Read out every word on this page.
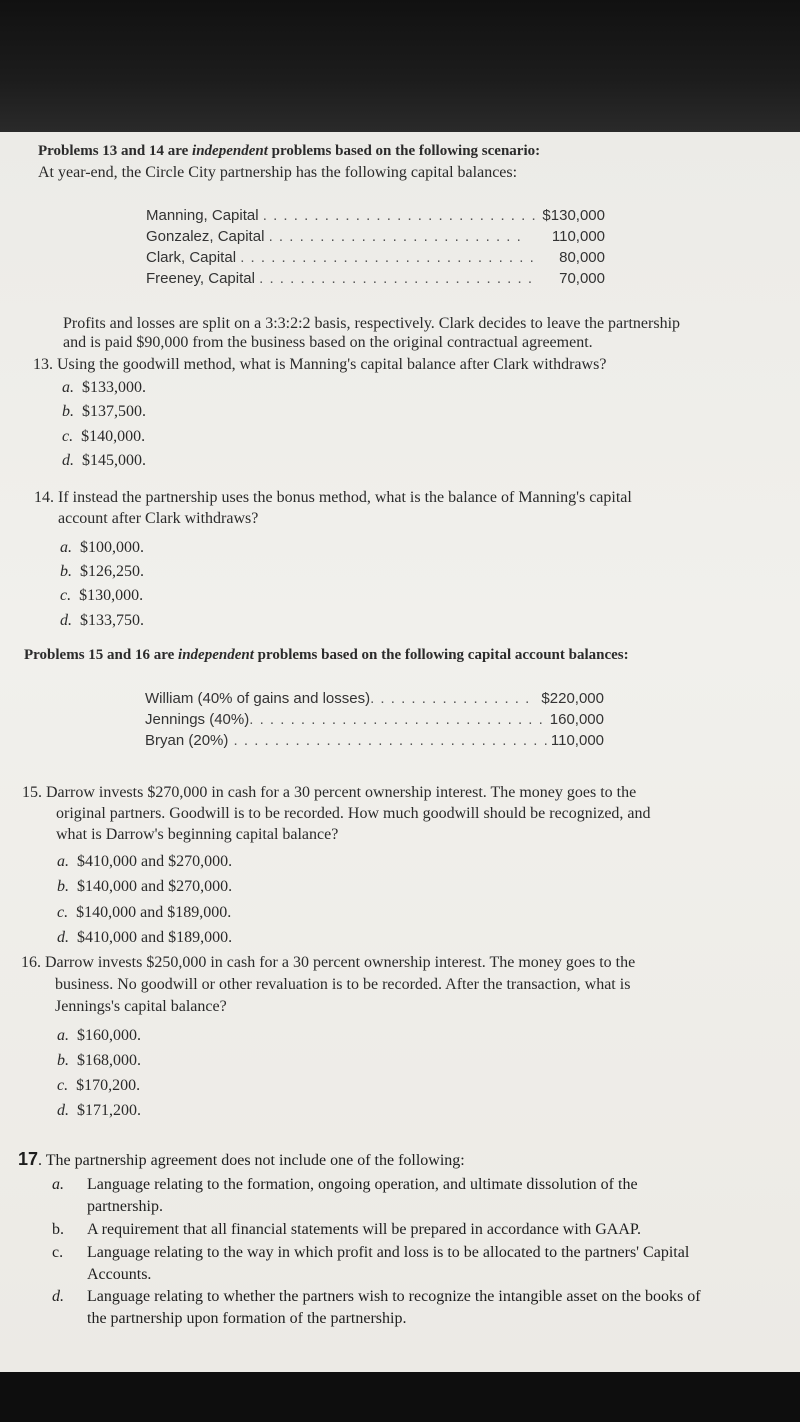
Problems 13 and 14 are independent problems based on the following scenario:
At year-end, the Circle City partnership has the following capital balances:
Manning, Capital . . . . . . . . . . . . . . . . . . . . . . . . . . . $130,000
Gonzalez, Capital . . . . . . . . . . . . . . . . . . . . . . . . .	110,000
Clark, Capital . . . . . . . . . . . . . . . . . . . . . . . . . . . . .	80,000
Freeney, Capital . . . . . . . . . . . . . . . . . . . . . . . . . . .	70,000
Profits and losses are split on a 3:3:2:2 basis, respectively. Clark decides to leave the partnership
and is paid $90,000 from the business based on the original contractual agreement.
13. Using the goodwill method, what is Manning's capital balance after Clark withdraws?
a. $133,000.
b. $137,500.
c. $140,000.
d. $145,000.
14. If instead the partnership uses the bonus method, what is the balance of Manning's capital
account after Clark withdraws?
a. $100,000.
b. $126,250.
c. $130,000.
d. $133,750.
Problems 15 and 16 are independent problems based on the following capital account balances:
William (40% of gains and losses). . . . . . . . . . . . . . . . $220,000
Jennings (40%). . . . . . . . . . . . . . . . . . . . . . . . . . . . . 160,000
Bryan (20%) . . . . . . . . . . . . . . . . . . . . . . . . . . . . . . . 110,000
15. Darrow invests $270,000 in cash for a 30 percent ownership interest. The money goes to the
original partners. Goodwill is to be recorded. How much goodwill should be recognized, and
what is Darrow's beginning capital balance?
a. $410,000 and $270,000.
b. $140,000 and $270,000.
c. $140,000 and $189,000.
d. $410,000 and $189,000.
16. Darrow invests $250,000 in cash for a 30 percent ownership interest. The money goes to the
business. No goodwill or other revaluation is to be recorded. After the transaction, what is
Jennings's capital balance?
a. $160,000.
b. $168,000.
c. $170,200.
d. $171,200.
17. The partnership agreement does not include one of the following:
a. Language relating to the formation, ongoing operation, and ultimate dissolution of the
partnership.
b. A requirement that all financial statements will be prepared in accordance with GAAP.
c. Language relating to the way in which profit and loss is to be allocated to the partners' Capital
Accounts.
d. Language relating to whether the partners wish to recognize the intangible asset on the books of
the partnership upon formation of the partnership.
